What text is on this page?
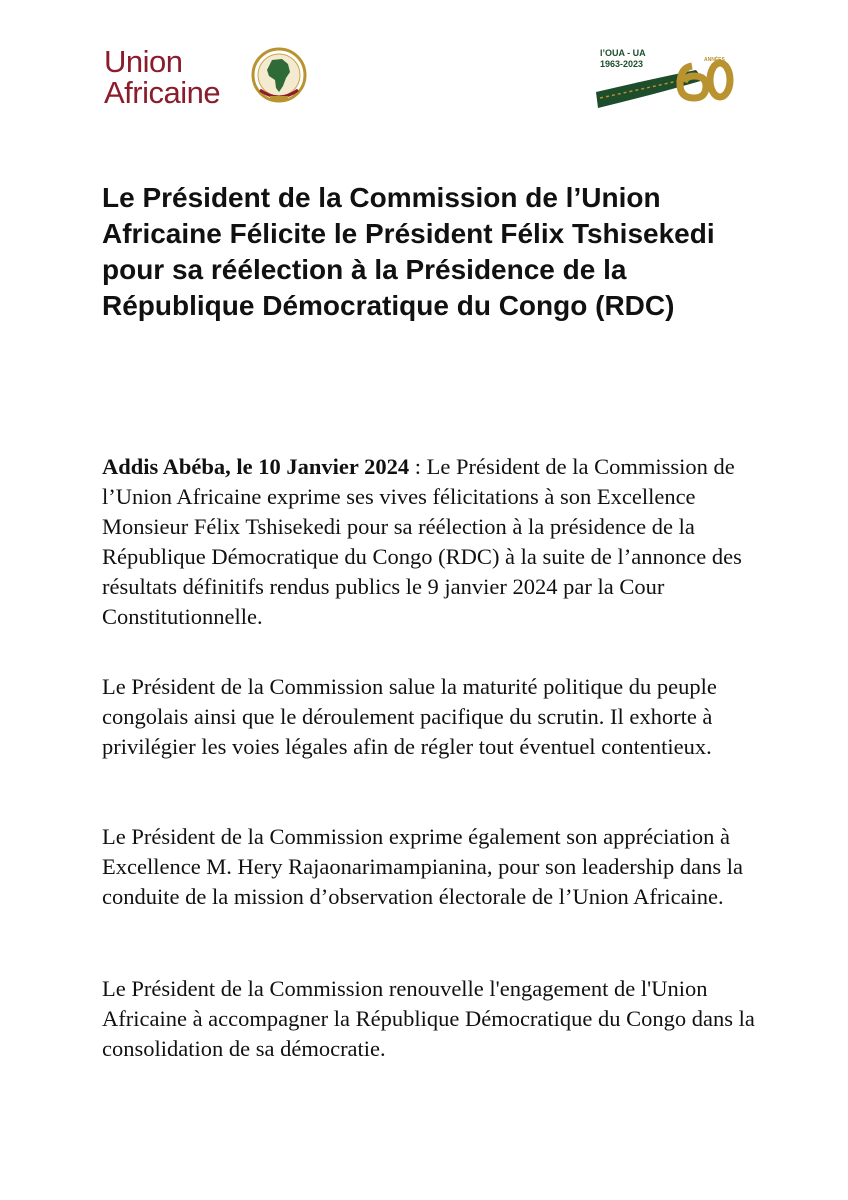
Union
Africaine
l’OUA - UA
1963-2023	ANNÉES
Le Président de la Commission de l’Union Africaine Félicite le Président Félix Tshisekedi pour sa réélection à la Présidence de la République Démocratique du Congo (RDC)

Addis Abéba, le 10 Janvier 2024 : Le Président de la Commission de l’Union Africaine exprime ses vives félicitations à son Excellence Monsieur Félix Tshisekedi pour sa réélection à la présidence de la République Démocratique du Congo (RDC) à la suite de l’annonce des résultats définitifs rendus publics le 9 janvier 2024 par la Cour Constitutionnelle.

Le Président de la Commission salue la maturité politique du peuple congolais ainsi que le déroulement pacifique du scrutin. Il exhorte à privilégier les voies légales afin de régler tout éventuel contentieux.

Le Président de la Commission exprime également son appréciation à Excellence M. Hery Rajaonarimampianina, pour son leadership dans la conduite de la mission d’observation électorale de l’Union Africaine.

Le Président de la Commission renouvelle l'engagement de l'Union Africaine à accompagner la République Démocratique du Congo dans la consolidation de sa démocratie.
